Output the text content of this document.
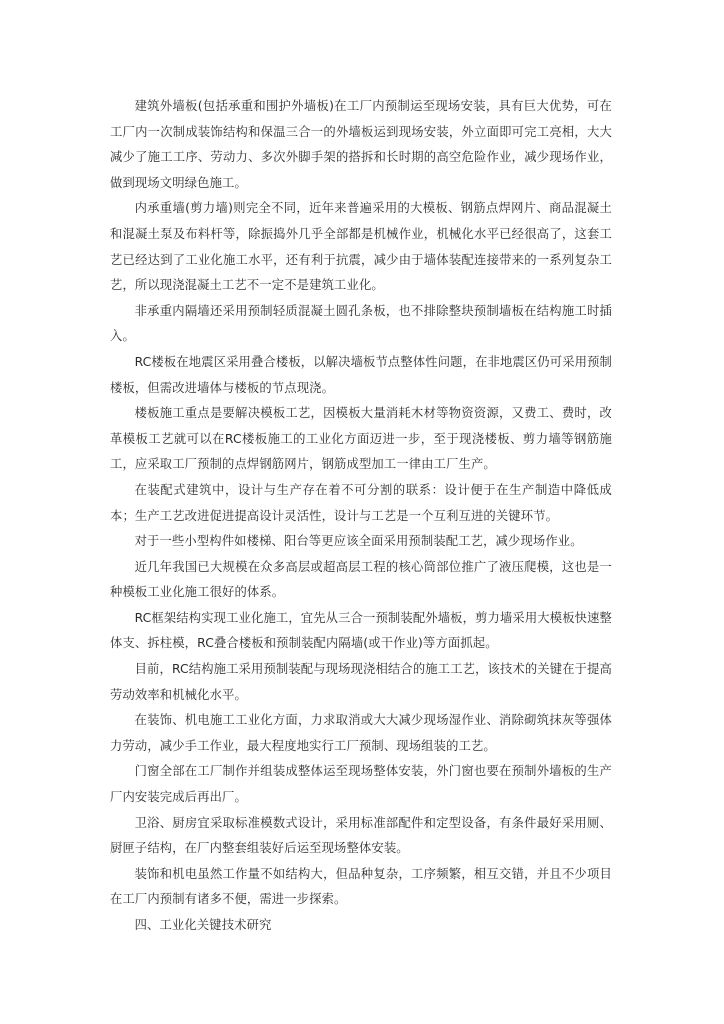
建筑外墙板(包括承重和围护外墙板)在工厂内预制运至现场安装，具有巨大优势，可在工厂内一次制成装饰结构和保温三合一的外墙板运到现场安装，外立面即可完工亮相，大大减少了施工工序、劳动力、多次外脚手架的搭拆和长时期的高空危险作业，减少现场作业，做到现场文明绿色施工。

内承重墙(剪力墙)则完全不同，近年来普遍采用的大模板、钢筋点焊网片、商品混凝土和混凝土泵及布料杆等，除振捣外几乎全部都是机械作业，机械化水平已经很高了，这套工艺已经达到了工业化施工水平，还有利于抗震，减少由于墙体装配连接带来的一系列复杂工艺，所以现浇混凝土工艺不一定不是建筑工业化。

非承重内隔墙还采用预制轻质混凝土圆孔条板，也不排除整块预制墙板在结构施工时插入。

RC楼板在地震区采用叠合楼板，以解决墙板节点整体性问题，在非地震区仍可采用预制楼板，但需改进墙体与楼板的节点现浇。

楼板施工重点是要解决模板工艺，因模板大量消耗木材等物资资源，又费工、费时，改革模板工艺就可以在RC楼板施工的工业化方面迈进一步，至于现浇楼板、剪力墙等钢筋施工，应采取工厂预制的点焊钢筋网片，钢筋成型加工一律由工厂生产。

在装配式建筑中，设计与生产存在着不可分割的联系：设计便于在生产制造中降低成本；生产工艺改进促进提高设计灵活性，设计与工艺是一个互利互进的关键环节。

对于一些小型构件如楼梯、阳台等更应该全面采用预制装配工艺，减少现场作业。

近几年我国已大规模在众多高层或超高层工程的核心筒部位推广了液压爬模，这也是一种模板工业化施工很好的体系。

RC框架结构实现工业化施工，宜先从三合一预制装配外墙板，剪力墙采用大模板快速整体支、拆柱模，RC叠合楼板和预制装配内隔墙(或干作业)等方面抓起。

目前，RC结构施工采用预制装配与现场现浇相结合的施工工艺，该技术的关键在于提高劳动效率和机械化水平。

在装饰、机电施工工业化方面，力求取消或大大减少现场湿作业、消除砌筑抹灰等强体力劳动，减少手工作业，最大程度地实行工厂预制、现场组装的工艺。

门窗全部在工厂制作并组装成整体运至现场整体安装，外门窗也要在预制外墙板的生产厂内安装完成后再出厂。

卫浴、厨房宜采取标准模数式设计，采用标准部配件和定型设备，有条件最好采用厕、厨匣子结构，在厂内整套组装好后运至现场整体安装。

装饰和机电虽然工作量不如结构大，但品种复杂，工序频繁，相互交错，并且不少项目在工厂内预制有诸多不便，需进一步探索。

四、工业化关键技术研究
